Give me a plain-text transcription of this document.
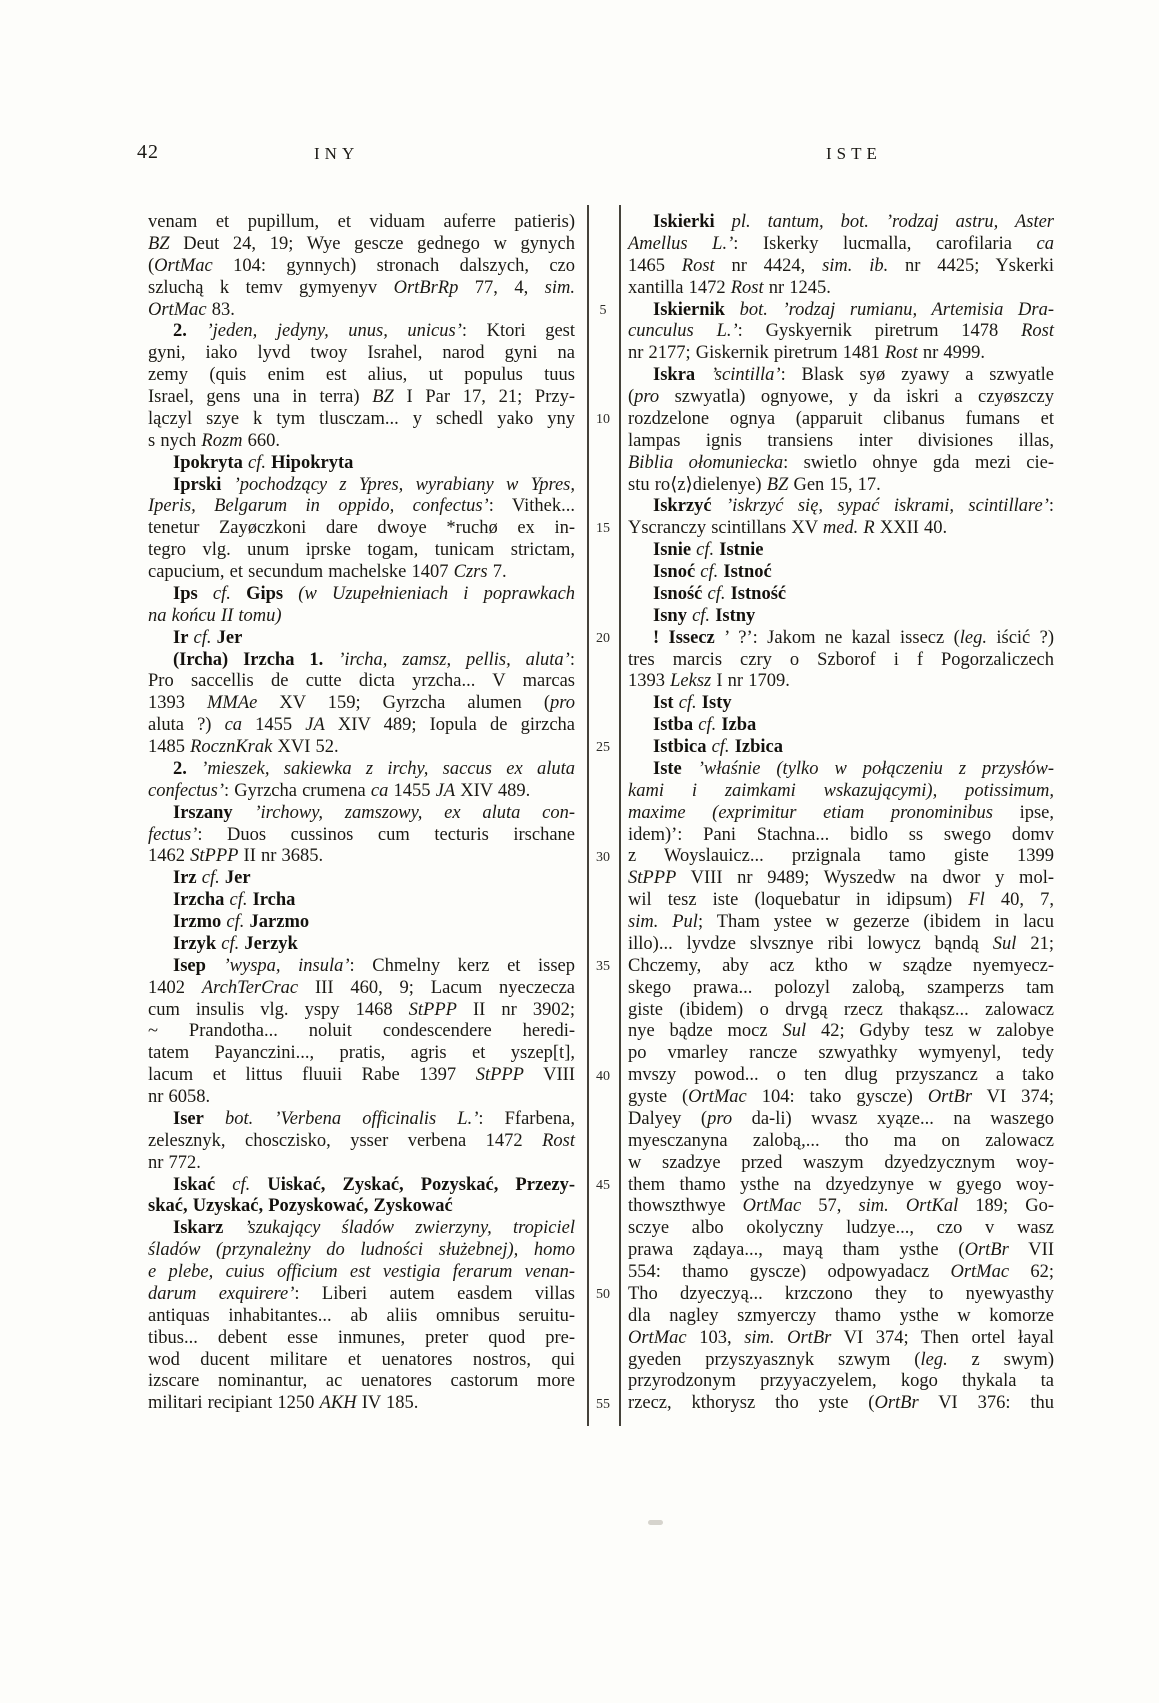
42	INY	ISTE
venam et pupillum, et viduam auferre patieris)
BZ Deut 24, 19; Wye gescze gednego w gynych
(OrtMac 104: gynnych) stronach dalszych, czo
szluchą k temv gymyenyv OrtBrRp 77, 4, sim.
OrtMac 83.
2. ’jeden, jedyny, unus, unicus’: Ktori gest
gyni, iako lyvd twoy Israhel, narod gyni na
zemy (quis enim est alius, ut populus tuus
Israel, gens una in terra) BZ I Par 17, 21; Przy-
lączyl szye k tym tlusczam... y schedl yako yny
s nych Rozm 660.
Ipokryta cf. Hipokryta
Iprski ’pochodzący z Ypres, wyrabiany w Ypres,
Iperis, Belgarum in oppido, confectus’: Vithek...
tenetur Zayøczkoni dare dwoye *ruchø ex in-
tegro vlg. unum iprske togam, tunicam strictam,
capucium, et secundum machelske 1407 Czrs 7.
Ips cf. Gips (w Uzupełnieniach i poprawkach
na końcu II tomu)
Ir cf. Jer
(Ircha) Irzcha 1. ’ircha, zamsz, pellis, aluta’:
Pro saccellis de cutte dicta yrzcha... V marcas
1393 MMAe XV 159; Gyrzcha alumen (pro
aluta ?) ca 1455 JA XIV 489; Iopula de girzcha
1485 RocznKrak XVI 52.
2. ’mieszek, sakiewka z irchy, saccus ex aluta
confectus’: Gyrzcha crumena ca 1455 JA XIV 489.
Irszany ’irchowy, zamszowy, ex aluta con-
fectus’: Duos cussinos cum tecturis irschane
1462 StPPP II nr 3685.
Irz cf. Jer
Irzcha cf. Ircha
Irzmo cf. Jarzmo
Irzyk cf. Jerzyk
Isep ’wyspa, insula’: Chmelny kerz et issep
1402 ArchTerCrac III 460, 9; Lacum nyeczecza
cum insulis vlg. yspy 1468 StPPP II nr 3902;
~ Prandotha... noluit condescendere heredi-
tatem Payanczini..., pratis, agris et yszep[t],
lacum et littus fluuii Rabe 1397 StPPP VIII
nr 6058.
Iser bot. ’Verbena officinalis L.’: Ffarbena,
zelesznyk, chosczisko, ysser verbena 1472 Rost
nr 772.
Iskać cf. Uiskać, Zyskać, Pozyskać, Przezy-
skać, Uzyskać, Pozyskować, Zyskować
Iskarz ’szukający śladów zwierzyny, tropiciel
śladów (przynależny do ludności służebnej), homo
e plebe, cuius officium est vestigia ferarum venan-
darum exquirere’: Liberi autem easdem villas
antiquas inhabitantes... ab aliis omnibus seruitu-
tibus... debent esse inmunes, preter quod pre-
wod ducent militare et uenatores nostros, qui
izscare nominantur, ac uenatores castorum more
militari recipiant 1250 AKH IV 185.
5
10
15
20
25
30
35
40
45
50
55
Iskierki pl. tantum, bot. ’rodzaj astru, Aster
Amellus L.’: Iskerky lucmalla, carofilaria ca
1465 Rost nr 4424, sim. ib. nr 4425; Yskerki
xantilla 1472 Rost nr 1245.
Iskiernik bot. ’rodzaj rumianu, Artemisia Dra-
cunculus L.’: Gyskyernik piretrum 1478 Rost
nr 2177; Giskernik piretrum 1481 Rost nr 4999.
Iskra ’scintilla’: Blask syø zyawy a szwyatle
(pro szwyatla) ognyowe, y da iskri a czyøszczy
rozdzelone ognya (apparuit clibanus fumans et
lampas ignis transiens inter divisiones illas,
Biblia ołomuniecka: swietlo ohnye gda mezi cie-
stu ro⟨z⟩dielenye) BZ Gen 15, 17.
Iskrzyć ’iskrzyć się, sypać iskrami, scintillare’:
Yscranczy scintillans XV med. R XXII 40.
Isnie cf. Istnie
Isnoć cf. Istnoć
Isność cf. Istność
Isny cf. Istny
! Issecz ’ ?’: Jakom ne kazal issecz (leg. iścić ?)
tres marcis czry o Szborof i f Pogorzaliczech
1393 Leksz I nr 1709.
Ist cf. Isty
Istba cf. Izba
Istbica cf. Izbica
Iste ’właśnie (tylko w połączeniu z przysłów-
kami i zaimkami wskazującymi), potissimum,
maxime (exprimitur etiam pronominibus ipse,
idem)’: Pani Stachna... bidlo ss swego domv
z Woyslauicz... przignala tamo giste 1399
StPPP VIII nr 9489; Wyszedw na dwor y mol-
wil tesz iste (loquebatur in idipsum) Fl 40, 7,
sim. Pul; Tham ystee w gezerze (ibidem in lacu
illo)... lyvdze slvsznye ribi lowycz bąndą Sul 21;
Chczemy, aby acz ktho w sządze nyemyecz-
skego prawa... polozyl zalobą, szamperzs tam
giste (ibidem) o drvgą rzecz thakąsz... zalowacz
nye bądze mocz Sul 42; Gdyby tesz w zalobye
po vmarley rancze szwyathky wymyenyl, tedy
mvszy powod... o ten dlug przyszancz a tako
gyste (OrtMac 104: tako gyscze) OrtBr VI 374;
Dalyey (pro da-li) wvasz xyąze... na waszego
myesczanyna zalobą,... tho ma on zalowacz
w szadzye przed waszym dzyedzycznym woy-
them thamo ysthe na dzyedzynye w gyego woy-
thowszthwye OrtMac 57, sim. OrtKal 189; Go-
sczye albo okolyczny ludzye..., czo v wasz
prawa ządaya..., mayą tham ysthe (OrtBr VII
554: thamo gyscze) odpowyadacz OrtMac 62;
Tho dzyeczyą... krzczono they to nyewyasthy
dla nagley szmyerczy thamo ysthe w komorze
OrtMac 103, sim. OrtBr VI 374; Then ortel łayal
gyeden przyszyasznyk szwym (leg. z swym)
przyrodzonym przyyaczyelem, kogo thykala ta
rzecz, kthorysz tho yste (OrtBr VI 376: thu
